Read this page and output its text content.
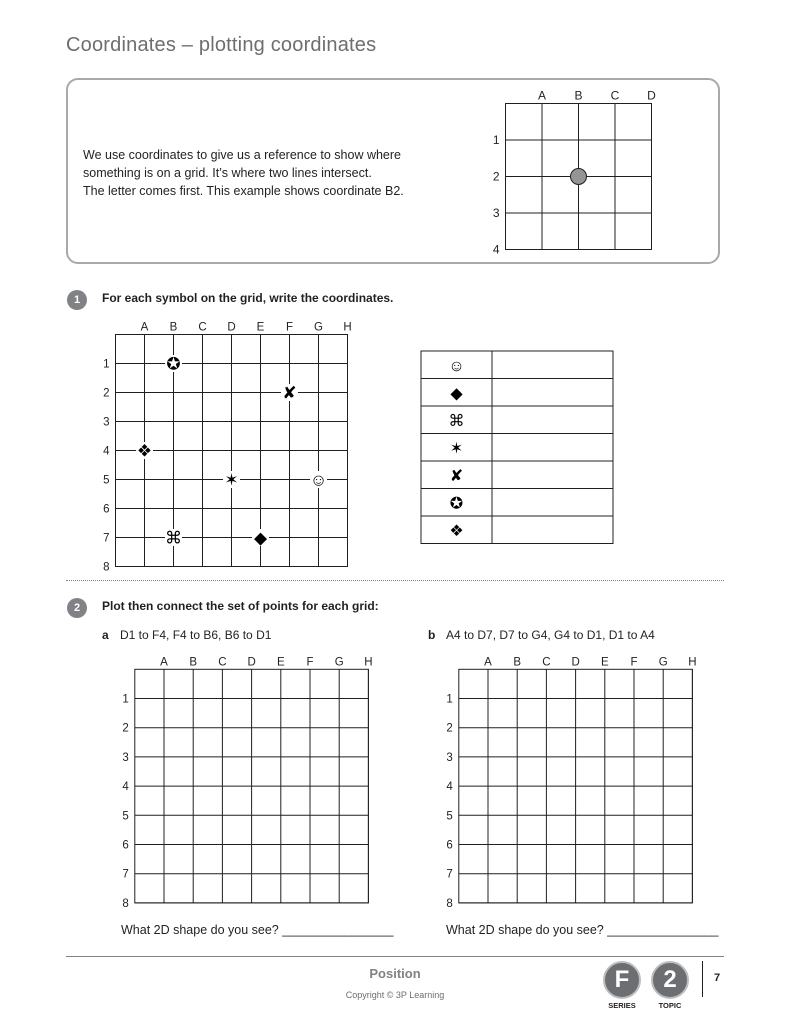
Coordinates – plotting coordinates
We use coordinates to give us a reference to show where
something is on a grid. It’s where two lines intersect.
The letter comes first. This example shows coordinate B2.
A B C D
1
2
3
4
1	For each symbol on the grid, write the coordinates.
A B C D E F G H
1
2
3
4
5
6
7
8
✪
✘
❖
✶	☺
⌘	◆
☺
◆
⌘
✶
✘
✪
❖
2	Plot then connect the set of points for each grid:
a D1 to F4, F4 to B6, B6 to D1	b A4 to D7, D7 to G4, G4 to D1, D1 to A4
A B C D E F G H
1
2
3
4
5
6
7
8
A B C D E F G H
1
2
3
4
5
6
7
8
What 2D shape do you see? ________________	What 2D shape do you see? ________________
Position
Copyright © 3P Learning
F
SERIES
2
TOPIC
7
